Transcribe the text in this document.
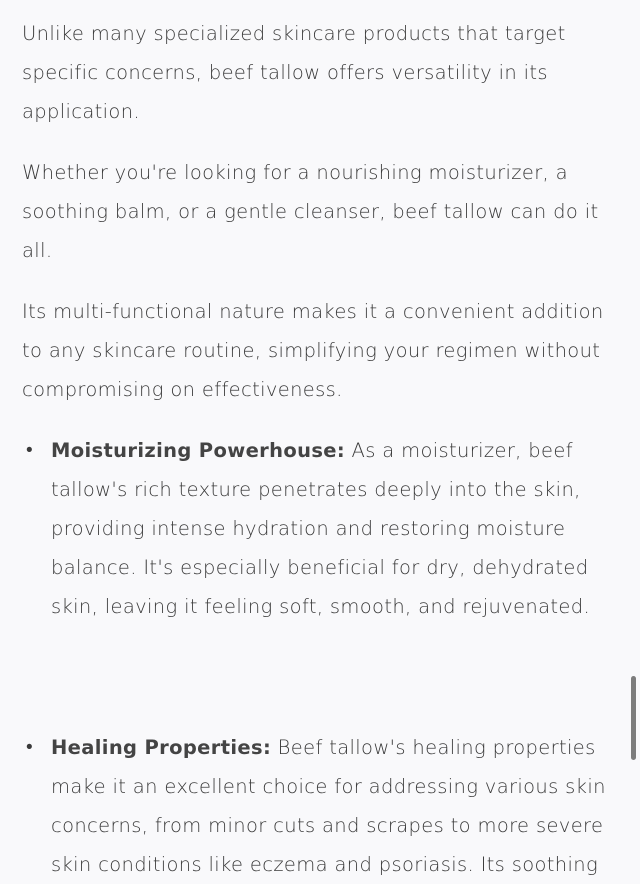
Unlike many specialized skincare products that target specific concerns, beef tallow offers versatility in its application.

Whether you're looking for a nourishing moisturizer, a soothing balm, or a gentle cleanser, beef tallow can do it all.

Its multi-functional nature makes it a convenient addition to any skincare routine, simplifying your regimen without compromising on effectiveness.

• Moisturizing Powerhouse: As a moisturizer, beef tallow's rich texture penetrates deeply into the skin, providing intense hydration and restoring moisture balance. It's especially beneficial for dry, dehydrated skin, leaving it feeling soft, smooth, and rejuvenated.
• Healing Properties: Beef tallow's healing properties make it an excellent choice for addressing various skin concerns, from minor cuts and scrapes to more severe skin conditions like eczema and psoriasis. Its soothing
